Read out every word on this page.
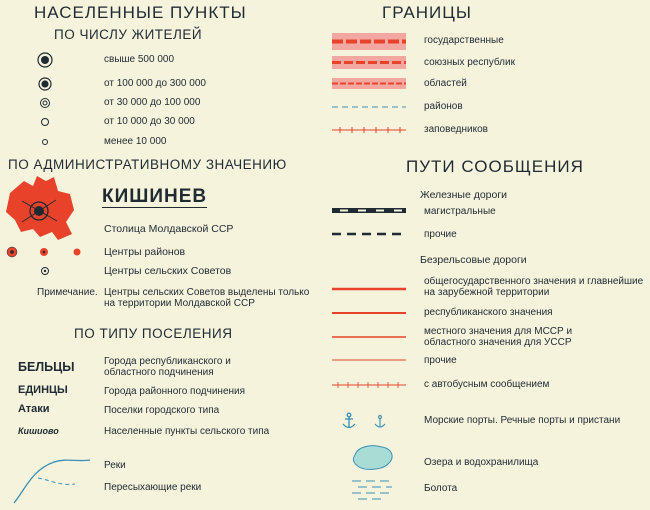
НАСЕЛЕННЫЕ ПУНКТЫ
ПО ЧИСЛУ ЖИТЕЛЕЙ
свыше 500 000
от 100 000 до 300 000
от 30 000 до 100 000
от 10 000 до 30 000
менее 10 000
ПО АДМИНИСТРАТИВНОМУ ЗНАЧЕНИЮ
КИШИНЕВ
Столица Молдавской ССР
Центры районов
Центры сельских Советов
Примечание. Центры сельских Советов выделены только
на территории Молдавской ССР
ПО ТИПУ ПОСЕЛЕНИЯ
БЕЛЬЦЫ	Города республиканского и
областного подчинения
ЕДИНЦЫ	Города районного подчинения
Атаки	Поселки городского типа
Кишиово	Населенные пункты сельского типа
Реки
Пересыхающие реки
ГРАНИЦЫ
государственные
союзных республик
областей
районов
заповедников
ПУТИ СООБЩЕНИЯ
Железные дороги
магистральные
прочие
Безрельсовые дороги
общегосударственного значения и главнейшие
на зарубежной территории
республиканского значения
местного значения для МССР и
областного значения для УССР
прочие
с автобусным сообщением
Морские порты. Речные порты и пристани
Озера и водохранилища
Болота
